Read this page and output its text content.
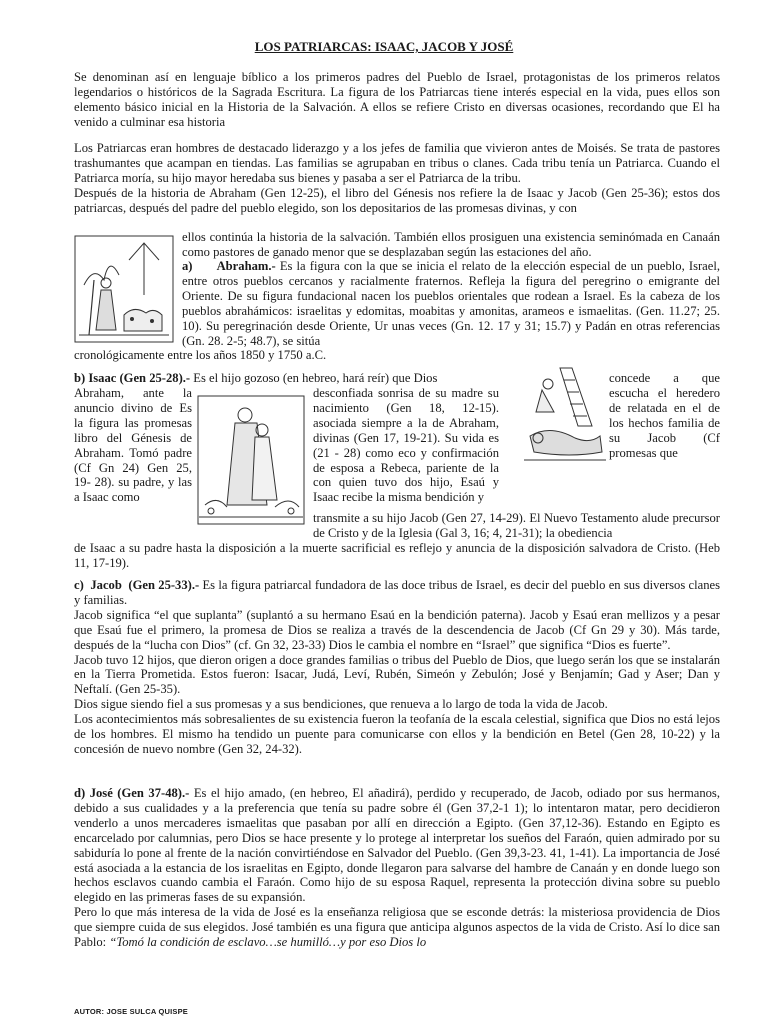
LOS PATRIARCAS: ISAAC, JACOB Y JOSÉ

Se denominan así en lenguaje bíblico a los primeros padres del Pueblo de Israel, protagonistas de los primeros relatos legendarios o históricos de la Sagrada Escritura. La figura de los Patriarcas tiene interés especial en la vida, pues ellos son elemento básico inicial en la Historia de la Salvación. A ellos se refiere Cristo en diversas ocasiones, recordando que El ha venido a culminar esa historia

Los Patriarcas eran hombres de destacado liderazgo y a los jefes de familia que vivieron antes de Moisés. Se trata de pastores trashumantes que acampan en tiendas. Las familias se agrupaban en tribus o clanes. Cada tribu tenía un Patriarca. Cuando el Patriarca moría, su hijo mayor heredaba sus bienes y pasaba a ser el Patriarca de la tribu.

Después de la historia de Abraham (Gen 12-25), el libro del Génesis nos refiere la de Isaac y Jacob (Gen 25-36); estos dos patriarcas, después del padre del pueblo elegido, son los depositarios de las promesas divinas, y con

ellos continúa la historia de la salvación. También ellos prosiguen una existencia seminómada en Canaán como pastores de ganado menor que se desplazaban según las estaciones del año.

a)      Abraham.- Es la figura con la que se inicia el relato de la elección especial de un pueblo, Israel, entre otros pueblos cercanos y racialmente fraternos. Refleja la figura del peregrino o emigrante del Oriente. De su figura fundacional nacen los pueblos orientales que rodean a Israel. Es la cabeza de los pueblos abrahámicos: israelitas y edomitas, moabitas y amonitas, arameos e ismaelitas. (Gen. 11.27; 25. 10). Su peregrinación desde Oriente, Ur unas veces (Gn. 12. 17 y 31; 15.7) y Padán en otras referencias (Gn. 28. 2-5; 48.7), se sitúa

cronológicamente entre los años 1850 y 1750 a.C.

b) Isaac (Gen 25-28).- Es el hijo gozoso (en hebreo, hará reír) que Dios

Abraham, ante la anuncio divino de Es la figura las promesas libro del Génesis de Abraham. Tomó padre (Cf Gn 24) Gen 25, 19- 28). su padre, y las a Isaac como

desconfiada sonrisa de su madre su nacimiento (Gen 18, 12-15). asociada siempre a la de Abraham, divinas (Gen 17, 19-21). Su vida es (21 - 28) como eco y confirmación de esposa a Rebeca, pariente de la con quien tuvo dos hijo, Esaú y Isaac recibe la misma bendición y

concede a que escucha el heredero de relatada en el de los hechos familia de su Jacob (Cf promesas que

transmite a su hijo Jacob (Gen 27, 14-29). El Nuevo Testamento alude precursor de Cristo y de la Iglesia (Gal 3, 16; 4, 21-31); la obediencia

de Isaac a su padre hasta la disposición a la muerte sacrificial es reflejo y anuncia de la disposición salvadora de Cristo. (Heb 11, 17-19).

c)  Jacob  (Gen 25-33).- Es la figura patriarcal fundadora de las doce tribus de Israel, es decir del pueblo en sus diversos clanes y familias.

Jacob significa “el que suplanta” (suplantó a su hermano Esaú en la bendición paterna). Jacob y Esaú eran mellizos y a pesar que Esaú fue el primero, la promesa de Dios se realiza a través de la descendencia de Jacob (Cf Gn 29 y 30). Más tarde, después de la “lucha con Dios” (cf. Gn 32, 23-33) Dios le cambia el nombre en “Israel” que significa “Dios es fuerte”.

Jacob tuvo 12 hijos, que dieron origen a doce grandes familias o tribus del Pueblo de Dios, que luego serán los que se instalarán en la Tierra Prometida. Estos fueron: Isacar, Judá, Leví, Rubén, Simeón y Zebulón; José y Benjamín; Gad y Aser; Dan y Neftalí. (Gen 25-35).

Dios sigue siendo fiel a sus promesas y a sus bendiciones, que renueva a lo largo de toda la vida de Jacob.

Los acontecimientos más sobresalientes de su existencia fueron la teofanía de la escala celestial, significa que Dios no está lejos de los hombres. El mismo ha tendido un puente para comunicarse con ellos y la bendición en Betel (Gen 28, 10-22) y la concesión de nuevo nombre (Gen 32, 24-32).

d) José (Gen 37-48).- Es el hijo amado, (en hebreo, El añadirá), perdido y recuperado, de Jacob, odiado por sus hermanos, debido a sus cualidades y a la preferencia que tenía su padre sobre él (Gen 37,2-1 1); lo intentaron matar, pero decidieron venderlo a unos mercaderes ismaelitas que pasaban por allí en dirección a Egipto. (Gen 37,12-36). Estando en Egipto es encarcelado por calumnias, pero Dios se hace presente y lo protege al interpretar los sueños del Faraón, quien admirado por su sabiduría lo pone al frente de la nación convirtiéndose en Salvador del Pueblo. (Gen 39,3-23. 41, 1-41). La importancia de José está asociada a la estancia de los israelitas en Egipto, donde llegaron para salvarse del hambre de Canaán y en donde luego son hechos esclavos cuando cambia el Faraón. Como hijo de su esposa Raquel, representa la protección divina sobre su pueblo elegido en las primeras fases de su expansión.

Pero lo que más interesa de la vida de José es la enseñanza religiosa que se esconde detrás: la misteriosa providencia de Dios que siempre cuida de sus elegidos. José también es una figura que anticipa algunos aspectos de la vida de Cristo. Así lo dice san Pablo: “Tomó la condición de esclavo…se humilló…y por eso Dios lo

AUTOR: JOSE SULCA QUISPE
